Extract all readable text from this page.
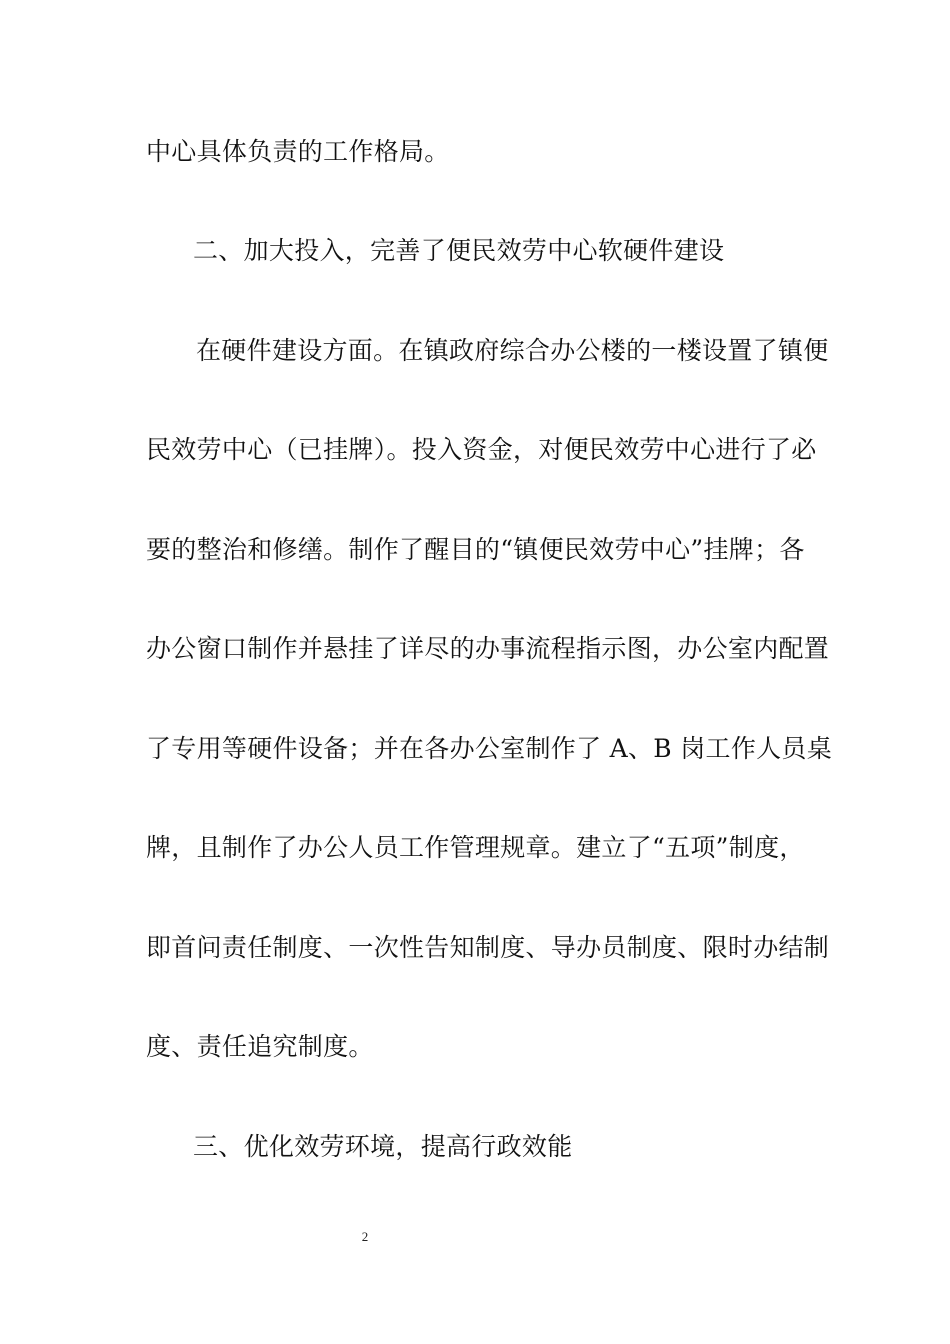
中心具体负责的工作格局。
二、加大投入，完善了便民效劳中心软硬件建设
在硬件建设方面。在镇政府综合办公楼的一楼设置了镇便
民效劳中心（已挂牌）。投入资金，对便民效劳中心进行了必
要的整治和修缮。制作了醒目的“镇便民效劳中心”挂牌；各
办公窗口制作并悬挂了详尽的办事流程指示图，办公室内配置
了专用等硬件设备；并在各办公室制作了 A、B 岗工作人员桌
牌，且制作了办公人员工作管理规章。建立了“五项”制度，
即首问责任制度、一次性告知制度、导办员制度、限时办结制
度、责任追究制度。
三、优化效劳环境，提高行政效能
2
